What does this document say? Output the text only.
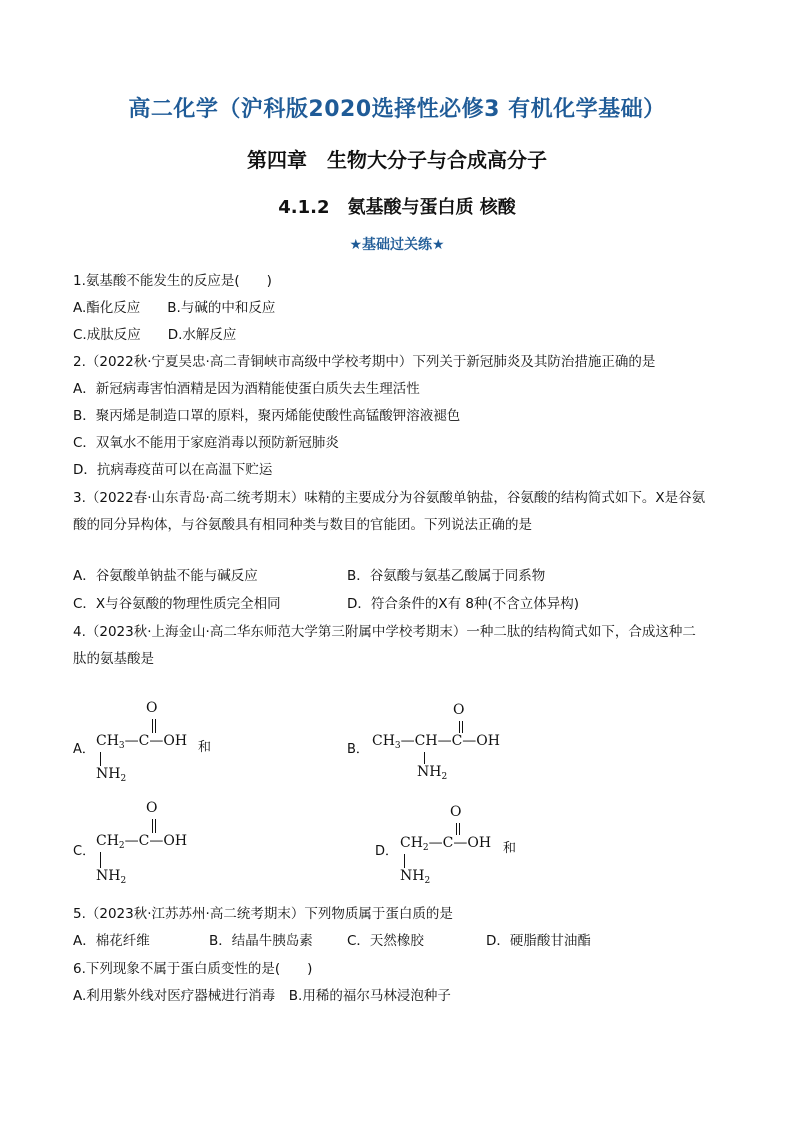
高二化学（沪科版2020选择性必修3 有机化学基础）
第四章　生物大分子与合成高分子
4.1.2　氨基酸与蛋白质 核酸
★基础过关练★
1.氨基酸不能发生的反应是(　　)
A.酯化反应　　B.与碱的中和反应
C.成肽反应　　D.水解反应
2.（2022秋·宁夏吴忠·高二青铜峡市高级中学校考期中）下列关于新冠肺炎及其防治措施正确的是
A．新冠病毒害怕酒精是因为酒精能使蛋白质失去生理活性
B．聚丙烯是制造口罩的原料，聚丙烯能使酸性高锰酸钾溶液褪色
C．双氧水不能用于家庭消毒以预防新冠肺炎
D．抗病毒疫苗可以在高温下贮运
3.（2022春·山东青岛·高二统考期末）味精的主要成分为谷氨酸单钠盐，谷氨酸的结构简式如下。X是谷氨
酸的同分异构体，与谷氨酸具有相同种类与数目的官能团。下列说法正确的是
A．谷氨酸单钠盐不能与碱反应	B．谷氨酸与氨基乙酸属于同系物
C．X与谷氨酸的物理性质完全相同	D．符合条件的X有 8种(不含立体异构)
4.（2023秋·上海金山·高二华东师范大学第三附属中学校考期末）一种二肽的结构简式如下，合成这种二
肽的氨基酸是
A．
O
$CH_3—C—OH$ 和
$NH_2$
B．
O
$CH_3—CH—C—OH$
$NH_2$
C．
O
$CH_2—C—OH$
$NH_2$
D．
O
$CH_2—C—OH$ 和
$NH_2$
5.（2023秋·江苏苏州·高二统考期末）下列物质属于蛋白质的是
A．棉花纤维	B．结晶牛胰岛素	C．天然橡胶	D．硬脂酸甘油酯
6.下列现象不属于蛋白质变性的是(　　)
A.利用紫外线对医疗器械进行消毒　B.用稀的福尔马林浸泡种子
